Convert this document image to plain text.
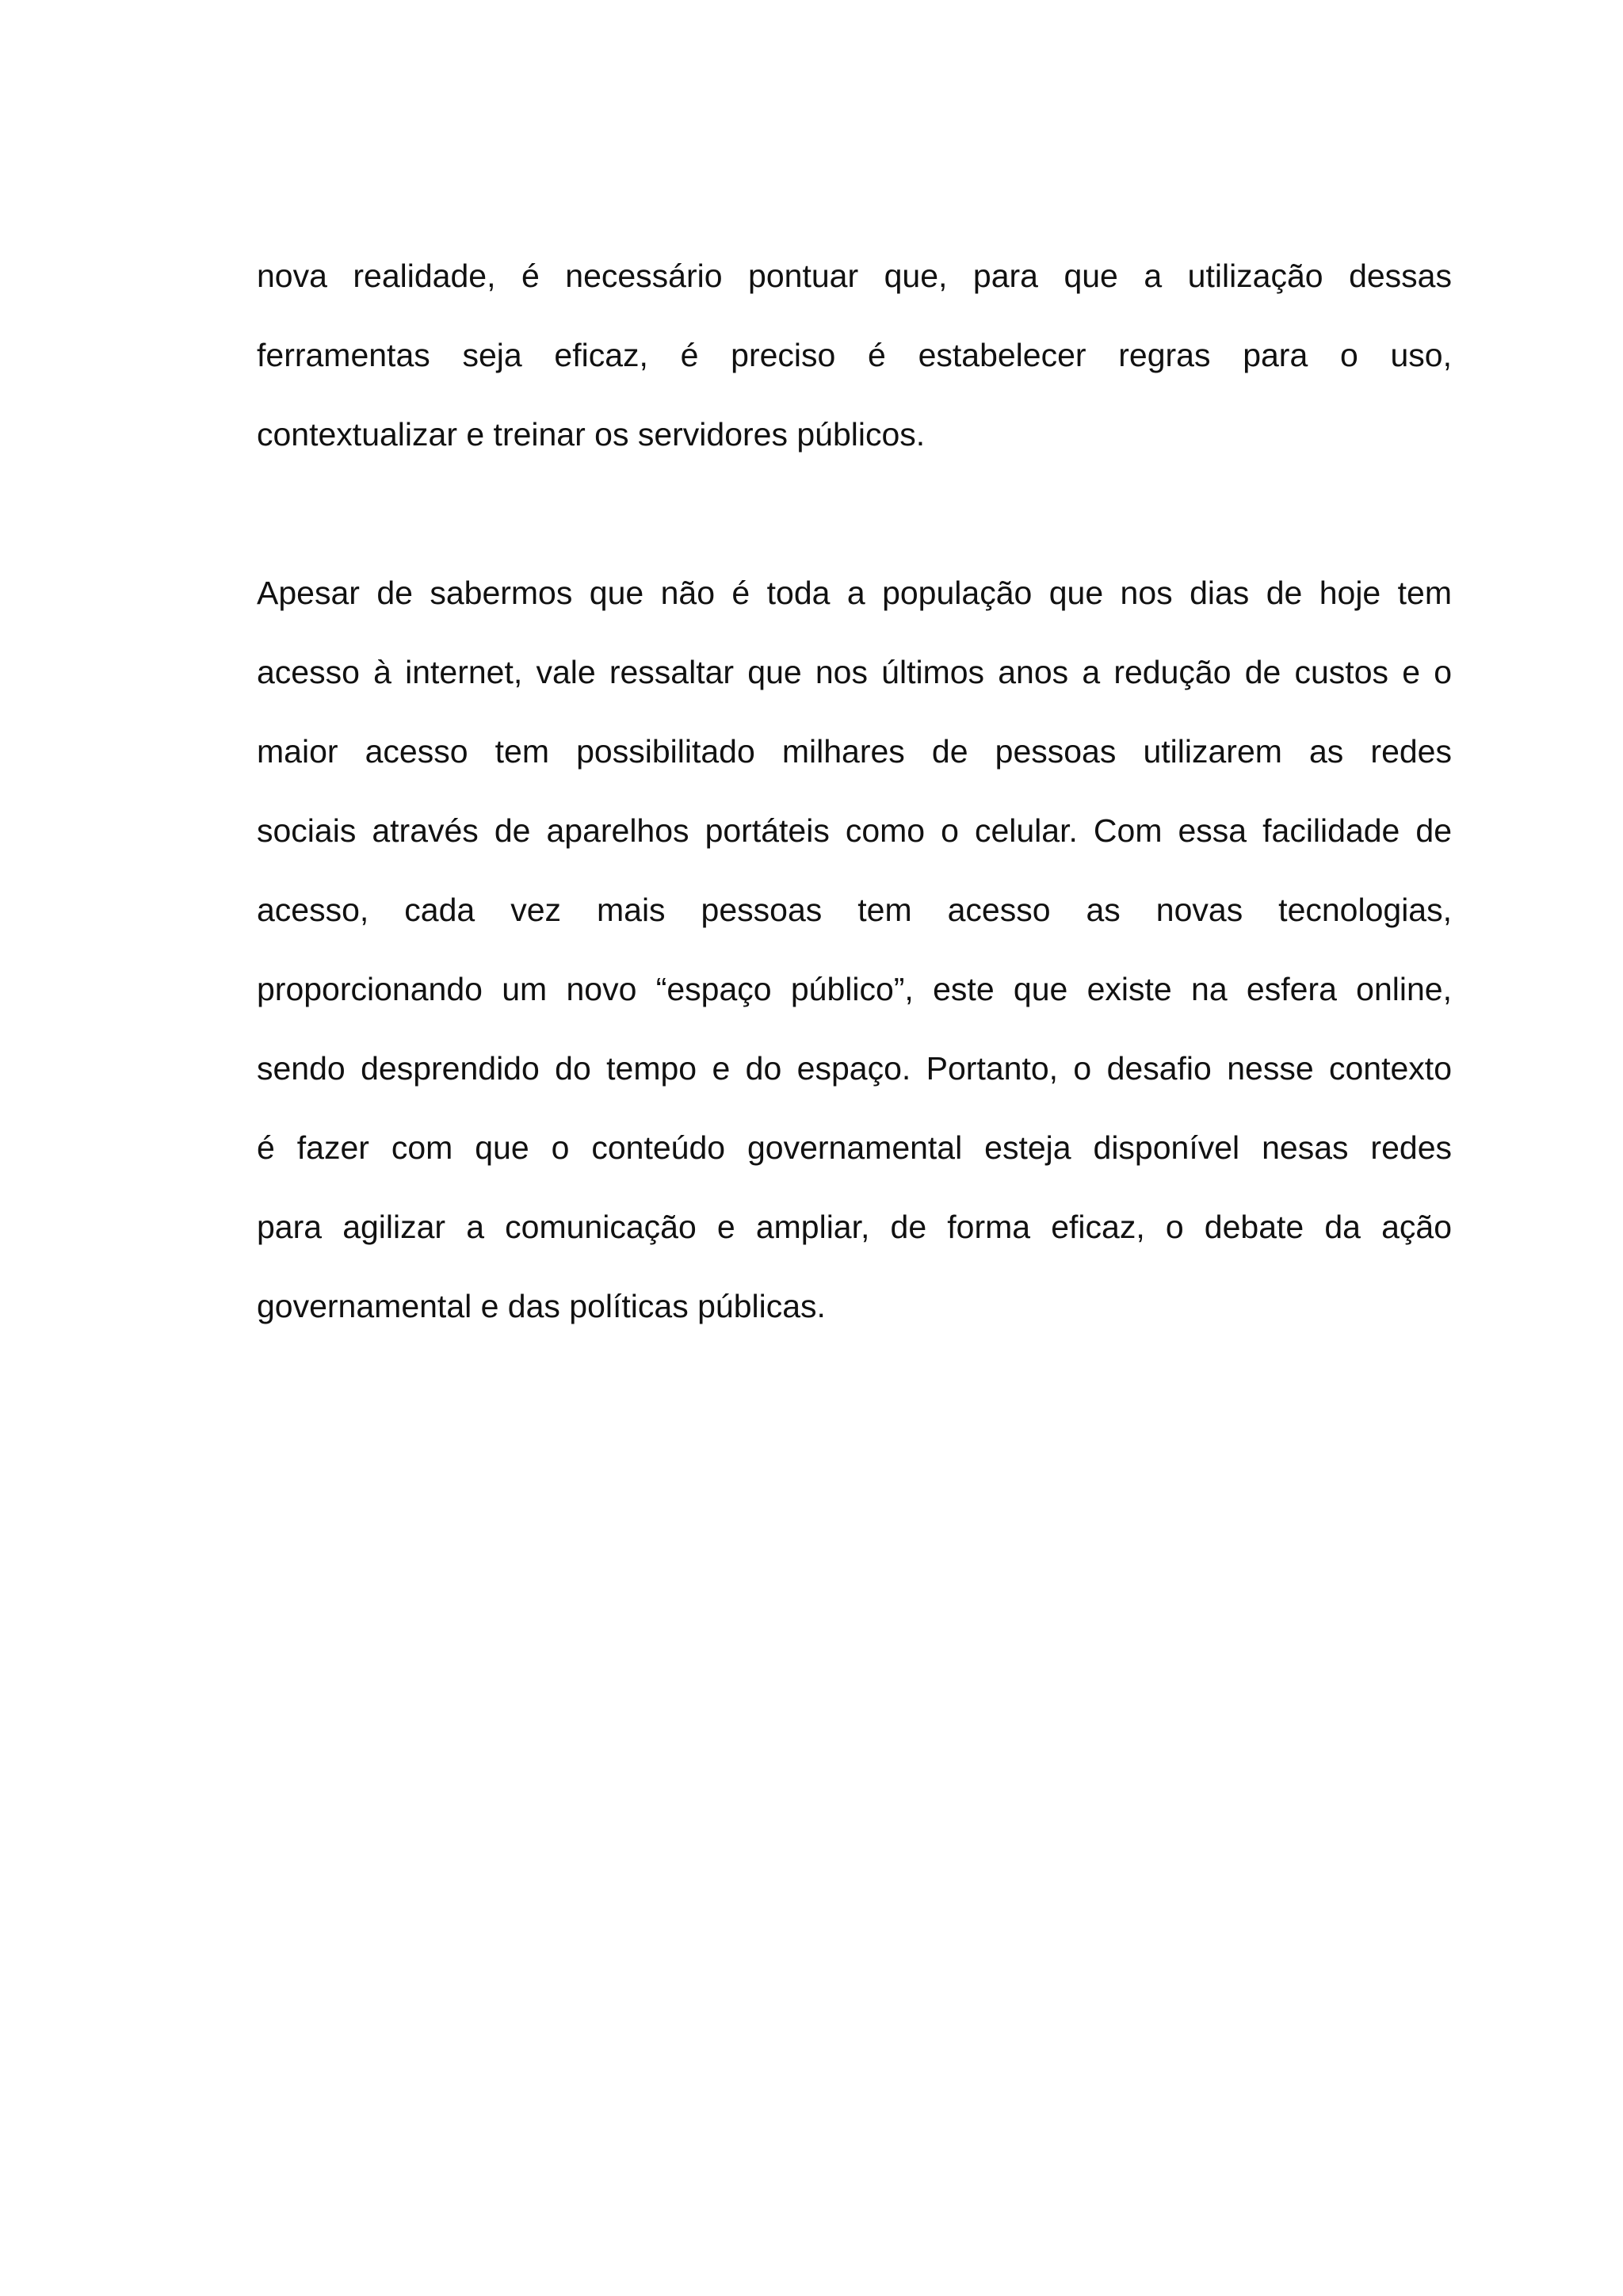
nova realidade, é necessário pontuar que, para que a utilização dessas
ferramentas seja eficaz, é preciso é estabelecer regras para o uso,
contextualizar e treinar os servidores públicos.
Apesar de sabermos que não é toda a população que nos dias de hoje tem
acesso à internet, vale ressaltar que nos últimos anos a redução de custos e o
maior acesso tem possibilitado milhares de pessoas utilizarem as redes
sociais através de aparelhos portáteis como o celular. Com essa facilidade de
acesso, cada vez mais pessoas tem acesso as novas tecnologias,
proporcionando um novo “espaço público”, este que existe na esfera online,
sendo desprendido do tempo e do espaço. Portanto, o desafio nesse contexto
é fazer com que o conteúdo governamental esteja disponível nesas redes
para agilizar a comunicação e ampliar, de forma eficaz, o debate da ação
governamental e das políticas públicas.
